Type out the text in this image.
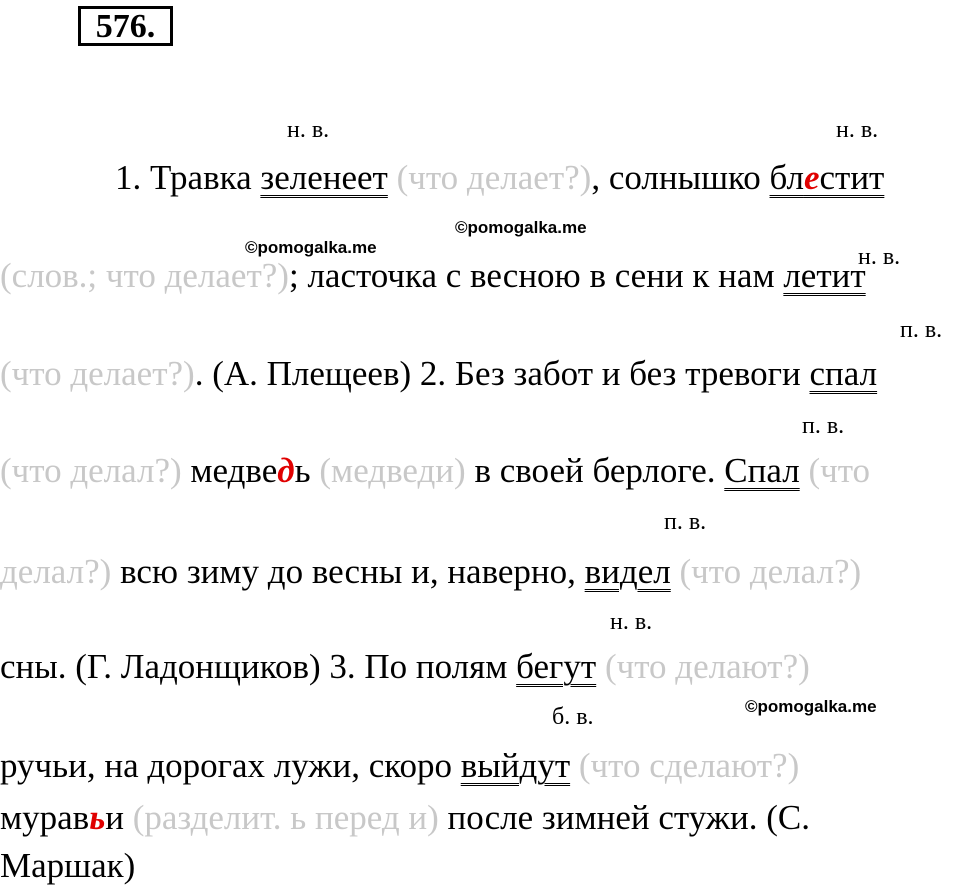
576.
н. в.	н. в.
н. в.
п. в.
п. в.
п. в.
н. в.
б. в.
©pomogalka.me
©pomogalka.me
©pomogalka.me
1. Травка зеленеет (что делает?), солнышко блестит
(слов.; что делает?); ласточка с весною в сени к нам летит
(что делает?). (А. Плещеев) 2. Без забот и без тревоги спал
(что делал?) медведь (медведи) в своей берлоге. Спал (что
делал?) всю зиму до весны и, наверно, видел (что делал?)
сны. (Г. Ладонщиков) 3. По полям бегут (что делают?)
ручьи, на дорогах лужи, скоро выйдут (что сделают?)
муравьи (разделит. ь перед и) после зимней стужи. (С.
Маршак)
